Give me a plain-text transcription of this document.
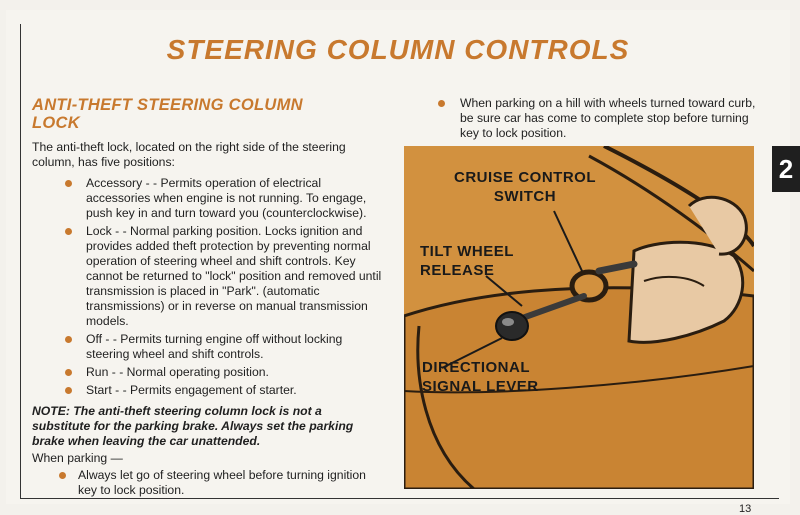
STEERING COLUMN CONTROLS
ANTI-THEFT STEERING COLUMN
LOCK
The anti-theft lock, located on the right side of the steering column, has five positions:
Accessory - - Permits operation of electrical accessories when engine is not running. To engage, push key in and turn toward you (counterclockwise).
Lock - - Normal parking position. Locks ignition and provides added theft protection by preventing normal operation of steering wheel and shift controls. Key cannot be returned to "lock" position and removed until transmission is placed in "Park". (automatic transmissions) or in reverse on manual transmission models.
Off - - Permits turning engine off without locking steering wheel and shift controls.
Run - - Normal operating position.
Start - - Permits engagement of starter.
NOTE: The anti-theft steering column lock is not a substitute for the parking brake. Always set the parking brake when leaving the car unattended.
When parking —
Always let go of steering wheel before turning ignition key to lock position.
When parking on a hill with wheels turned toward curb, be sure car has come to complete stop before turning key to lock position.
CRUISE CONTROL
SWITCH
TILT WHEEL
RELEASE
DIRECTIONAL
SIGNAL LEVER
13
2
